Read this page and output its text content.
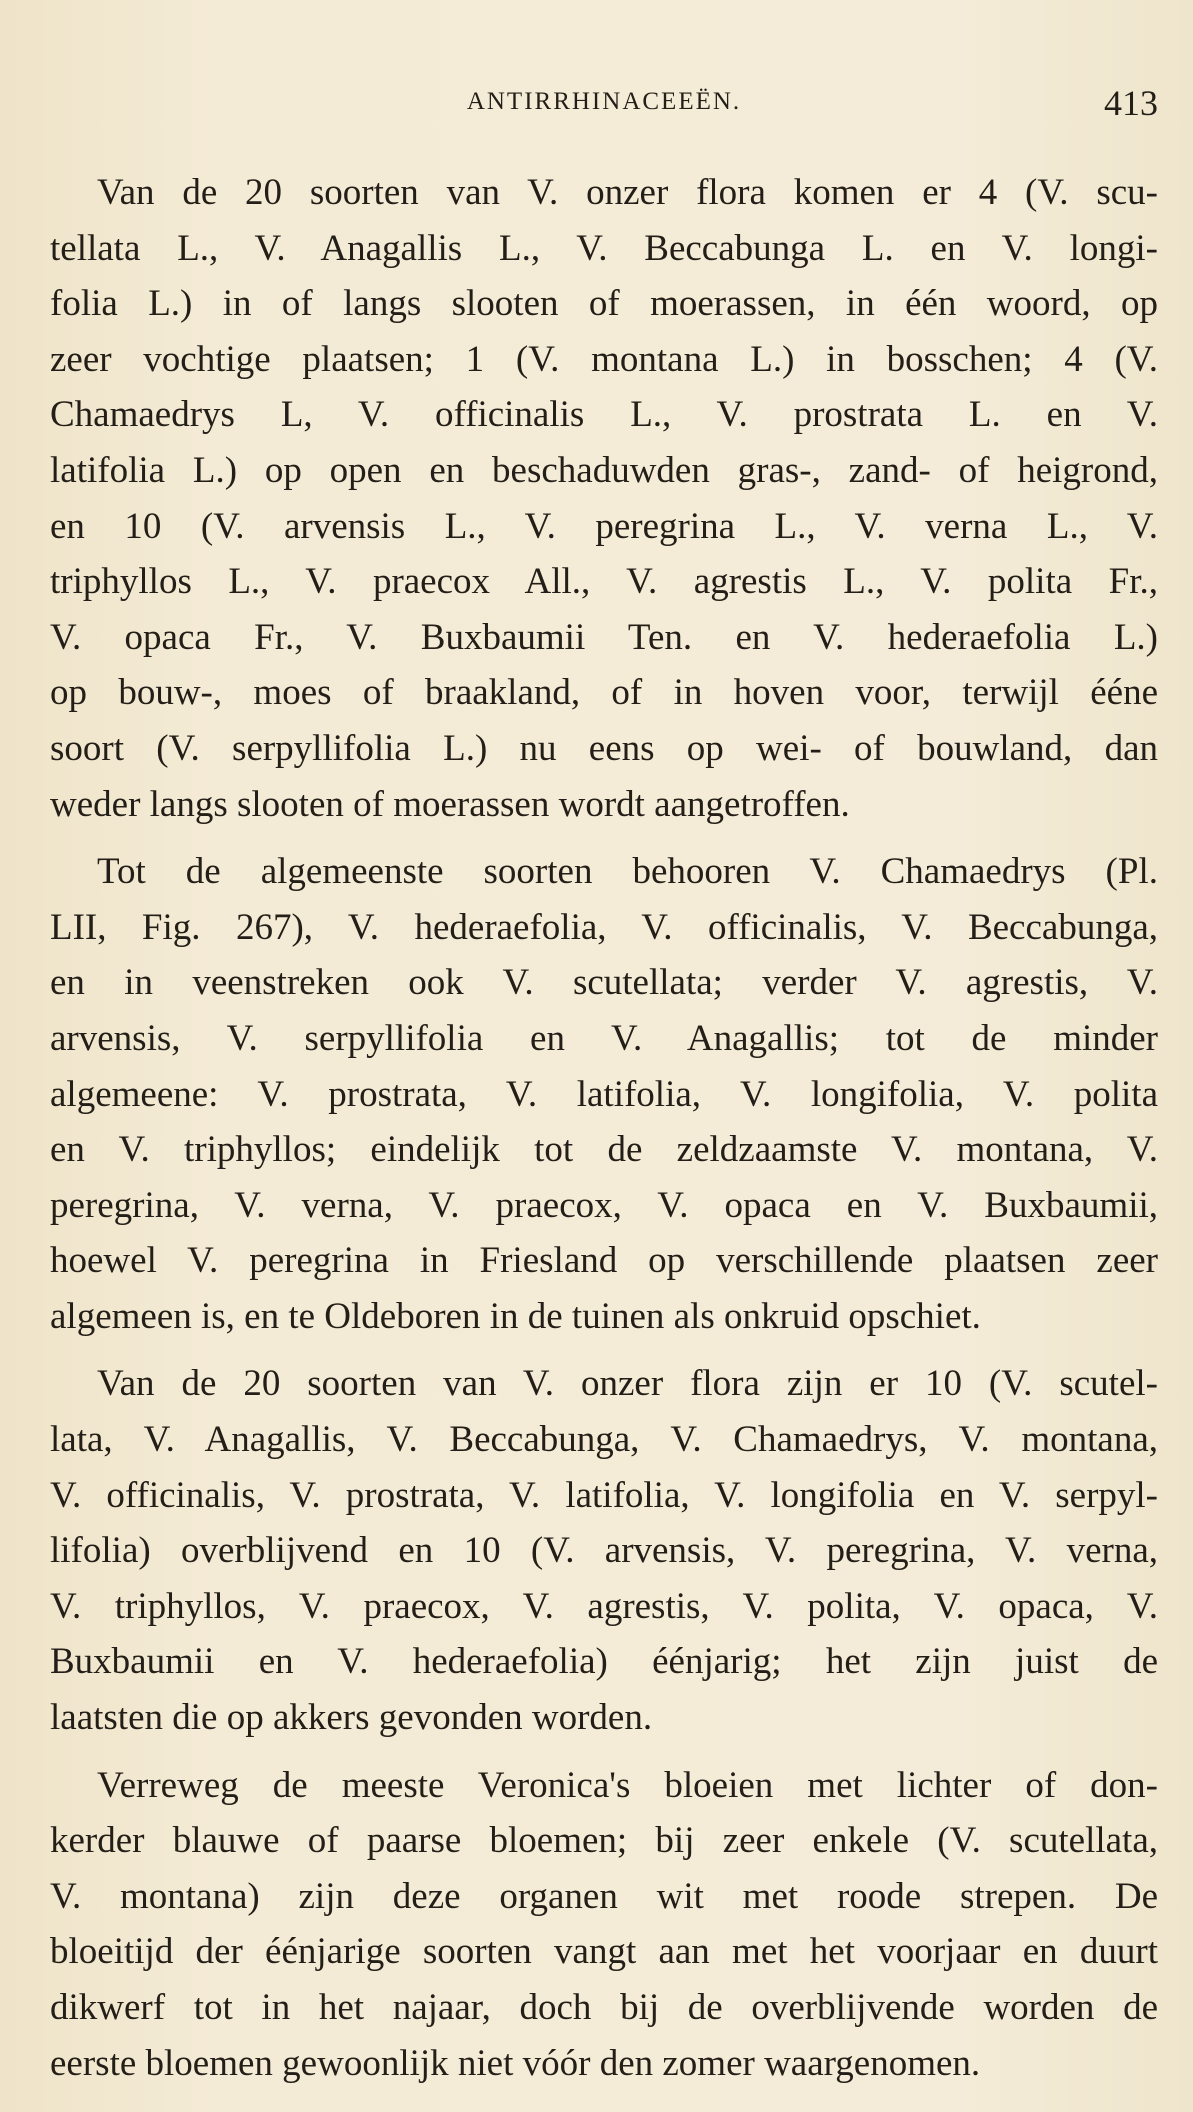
ANTIRRHINACEEËN.	413
Van de 20 soorten van V. onzer flora komen er 4 (V. scu-
tellata L., V. Anagallis L., V. Beccabunga L. en V. longi-
folia L.) in of langs slooten of moerassen, in één woord, op
zeer vochtige plaatsen; 1 (V. montana L.) in bosschen; 4 (V.
Chamaedrys L, V. officinalis L., V. prostrata L. en V.
latifolia L.) op open en beschaduwden gras-, zand- of heigrond,
en 10 (V. arvensis L., V. peregrina L., V. verna L., V.
triphyllos L., V. praecox All., V. agrestis L., V. polita Fr.,
V. opaca Fr., V. Buxbaumii Ten. en V. hederaefolia L.)
op bouw-, moes of braakland, of in hoven voor, terwijl ééne
soort (V. serpyllifolia L.) nu eens op wei- of bouwland, dan
weder langs slooten of moerassen wordt aangetroffen.
Tot de algemeenste soorten behooren V. Chamaedrys (Pl.
LII, Fig. 267), V. hederaefolia, V. officinalis, V. Beccabunga,
en in veenstreken ook V. scutellata; verder V. agrestis, V.
arvensis, V. serpyllifolia en V. Anagallis; tot de minder
algemeene: V. prostrata, V. latifolia, V. longifolia, V. polita
en V. triphyllos; eindelijk tot de zeldzaamste V. montana, V.
peregrina, V. verna, V. praecox, V. opaca en V. Buxbaumii,
hoewel V. peregrina in Friesland op verschillende plaatsen zeer
algemeen is, en te Oldeboren in de tuinen als onkruid opschiet.
Van de 20 soorten van V. onzer flora zijn er 10 (V. scutel-
lata, V. Anagallis, V. Beccabunga, V. Chamaedrys, V. montana,
V. officinalis, V. prostrata, V. latifolia, V. longifolia en V. serpyl-
lifolia) overblijvend en 10 (V. arvensis, V. peregrina, V. verna,
V. triphyllos, V. praecox, V. agrestis, V. polita, V. opaca, V.
Buxbaumii en V. hederaefolia) éénjarig; het zijn juist de
laatsten die op akkers gevonden worden.
Verreweg de meeste Veronica's bloeien met lichter of don-
kerder blauwe of paarse bloemen; bij zeer enkele (V. scutellata,
V. montana) zijn deze organen wit met roode strepen. De
bloeitijd der éénjarige soorten vangt aan met het voorjaar en duurt
dikwerf tot in het najaar, doch bij de overblijvende worden de
eerste bloemen gewoonlijk niet vóór den zomer waargenomen.
